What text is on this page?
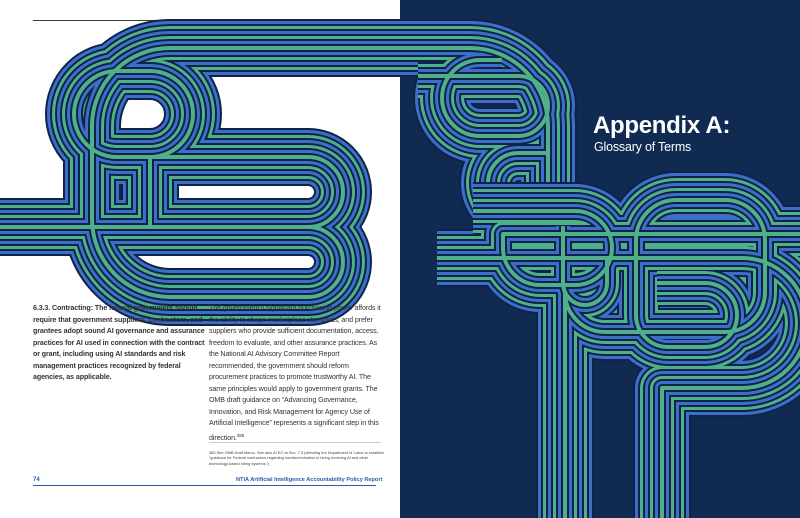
Appendix A:
Glossary of Terms
6.3.3. Contracting: The federal government should require that government suppliers, contractors, and grantees adopt sound AI governance and assurance practices for AI used in connection with the contract or grant, including using AI standards and risk management practices recognized by federal agencies, as applicable.
The government’s significant purchasing power affords it the ability to shape marketplace standards, and prefer suppliers who provide sufficient documentation, access, freedom to evaluate, and other assurance practices. As the National AI Advisory Committee Report recommended, the government should reform procurement practices to promote trustworthy AI. The same principles would apply to government grants. The OMB draft guidance on “Advancing Governance, Innovation, and Risk Management for Agency Use of Artificial Intelligence” represents a significant step in this direction.$^{385}$
385 See OMB Draft Memo. See also AI EO at Sec. 7.3 (directing the Department of Labor to establish “guidance for Federal contractors regarding nondiscrimination in hiring involving AI and other technology-based hiring systems.”)
74	NTIA Artificial Intelligence Accountability Policy Report
